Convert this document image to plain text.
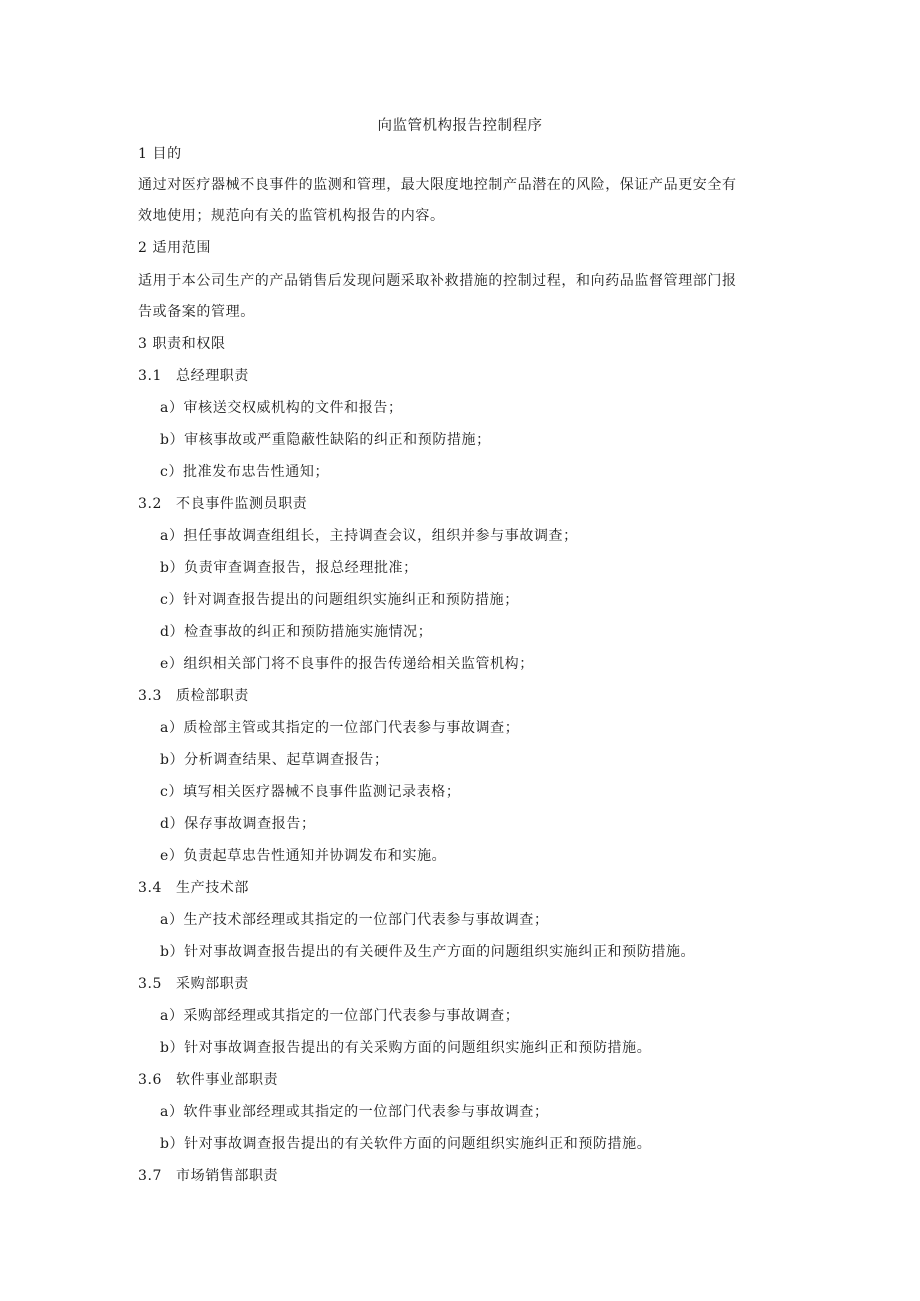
向监管机构报告控制程序
1 目的
通过对医疗器械不良事件的监测和管理，最大限度地控制产品潜在的风险，保证产品更安全有
效地使用；规范向有关的监管机构报告的内容。
2 适用范围
适用于本公司生产的产品销售后发现问题采取补救措施的控制过程，和向药品监督管理部门报
告或备案的管理。
3 职责和权限
3.1 总经理职责
a）审核送交权威机构的文件和报告；
b）审核事故或严重隐蔽性缺陷的纠正和预防措施；
c）批准发布忠告性通知；
3.2 不良事件监测员职责
a）担任事故调查组组长，主持调查会议，组织并参与事故调查；
b）负责审查调查报告，报总经理批准；
c）针对调查报告提出的问题组织实施纠正和预防措施；
d）检查事故的纠正和预防措施实施情况；
e）组织相关部门将不良事件的报告传递给相关监管机构；
3.3 质检部职责
a）质检部主管或其指定的一位部门代表参与事故调查；
b）分析调查结果、起草调查报告；
c）填写相关医疗器械不良事件监测记录表格；
d）保存事故调查报告；
e）负责起草忠告性通知并协调发布和实施。
3.4 生产技术部
a）生产技术部经理或其指定的一位部门代表参与事故调查；
b）针对事故调查报告提出的有关硬件及生产方面的问题组织实施纠正和预防措施。
3.5 采购部职责
a）采购部经理或其指定的一位部门代表参与事故调查；
b）针对事故调查报告提出的有关采购方面的问题组织实施纠正和预防措施。
3.6 软件事业部职责
a）软件事业部经理或其指定的一位部门代表参与事故调查；
b）针对事故调查报告提出的有关软件方面的问题组织实施纠正和预防措施。
3.7 市场销售部职责
